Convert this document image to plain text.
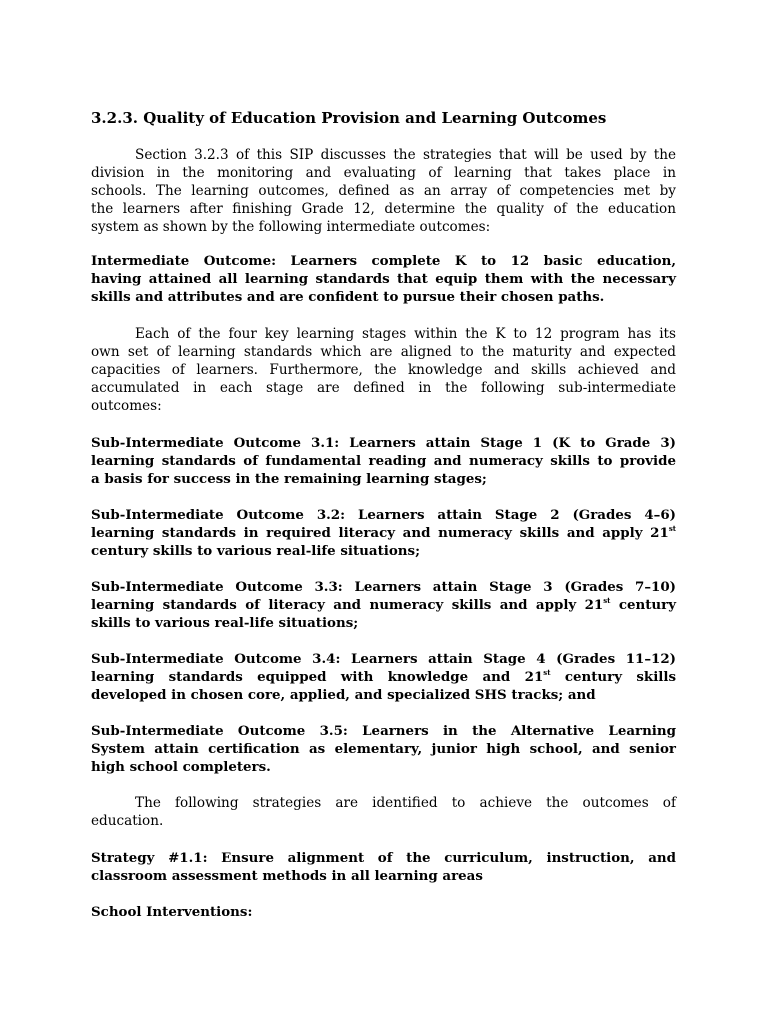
3.2.3. Quality of Education Provision and Learning Outcomes
Section 3.2.3 of this SIP discusses the strategies that will be used by the
division in the monitoring and evaluating of learning that takes place in
schools. The learning outcomes, defined as an array of competencies met by
the learners after finishing Grade 12, determine the quality of the education
system as shown by the following intermediate outcomes:
Intermediate Outcome: Learners complete K to 12 basic education,
having attained all learning standards that equip them with the necessary
skills and attributes and are confident to pursue their chosen paths.
Each of the four key learning stages within the K to 12 program has its
own set of learning standards which are aligned to the maturity and expected
capacities of learners. Furthermore, the knowledge and skills achieved and
accumulated in each stage are defined in the following sub-intermediate
outcomes:
Sub-Intermediate Outcome 3.1: Learners attain Stage 1 (K to Grade 3)
learning standards of fundamental reading and numeracy skills to provide
a basis for success in the remaining learning stages;
Sub-Intermediate Outcome 3.2: Learners attain Stage 2 (Grades 4–6)
learning standards in required literacy and numeracy skills and apply 21st
century skills to various real-life situations;
Sub-Intermediate Outcome 3.3: Learners attain Stage 3 (Grades 7–10)
learning standards of literacy and numeracy skills and apply 21st century
skills to various real-life situations;
Sub-Intermediate Outcome 3.4: Learners attain Stage 4 (Grades 11–12)
learning standards equipped with knowledge and 21st century skills
developed in chosen core, applied, and specialized SHS tracks; and
Sub-Intermediate Outcome 3.5: Learners in the Alternative Learning
System attain certification as elementary, junior high school, and senior
high school completers.
The following strategies are identified to achieve the outcomes of
education.
Strategy #1.1: Ensure alignment of the curriculum, instruction, and
classroom assessment methods in all learning areas
School Interventions:
